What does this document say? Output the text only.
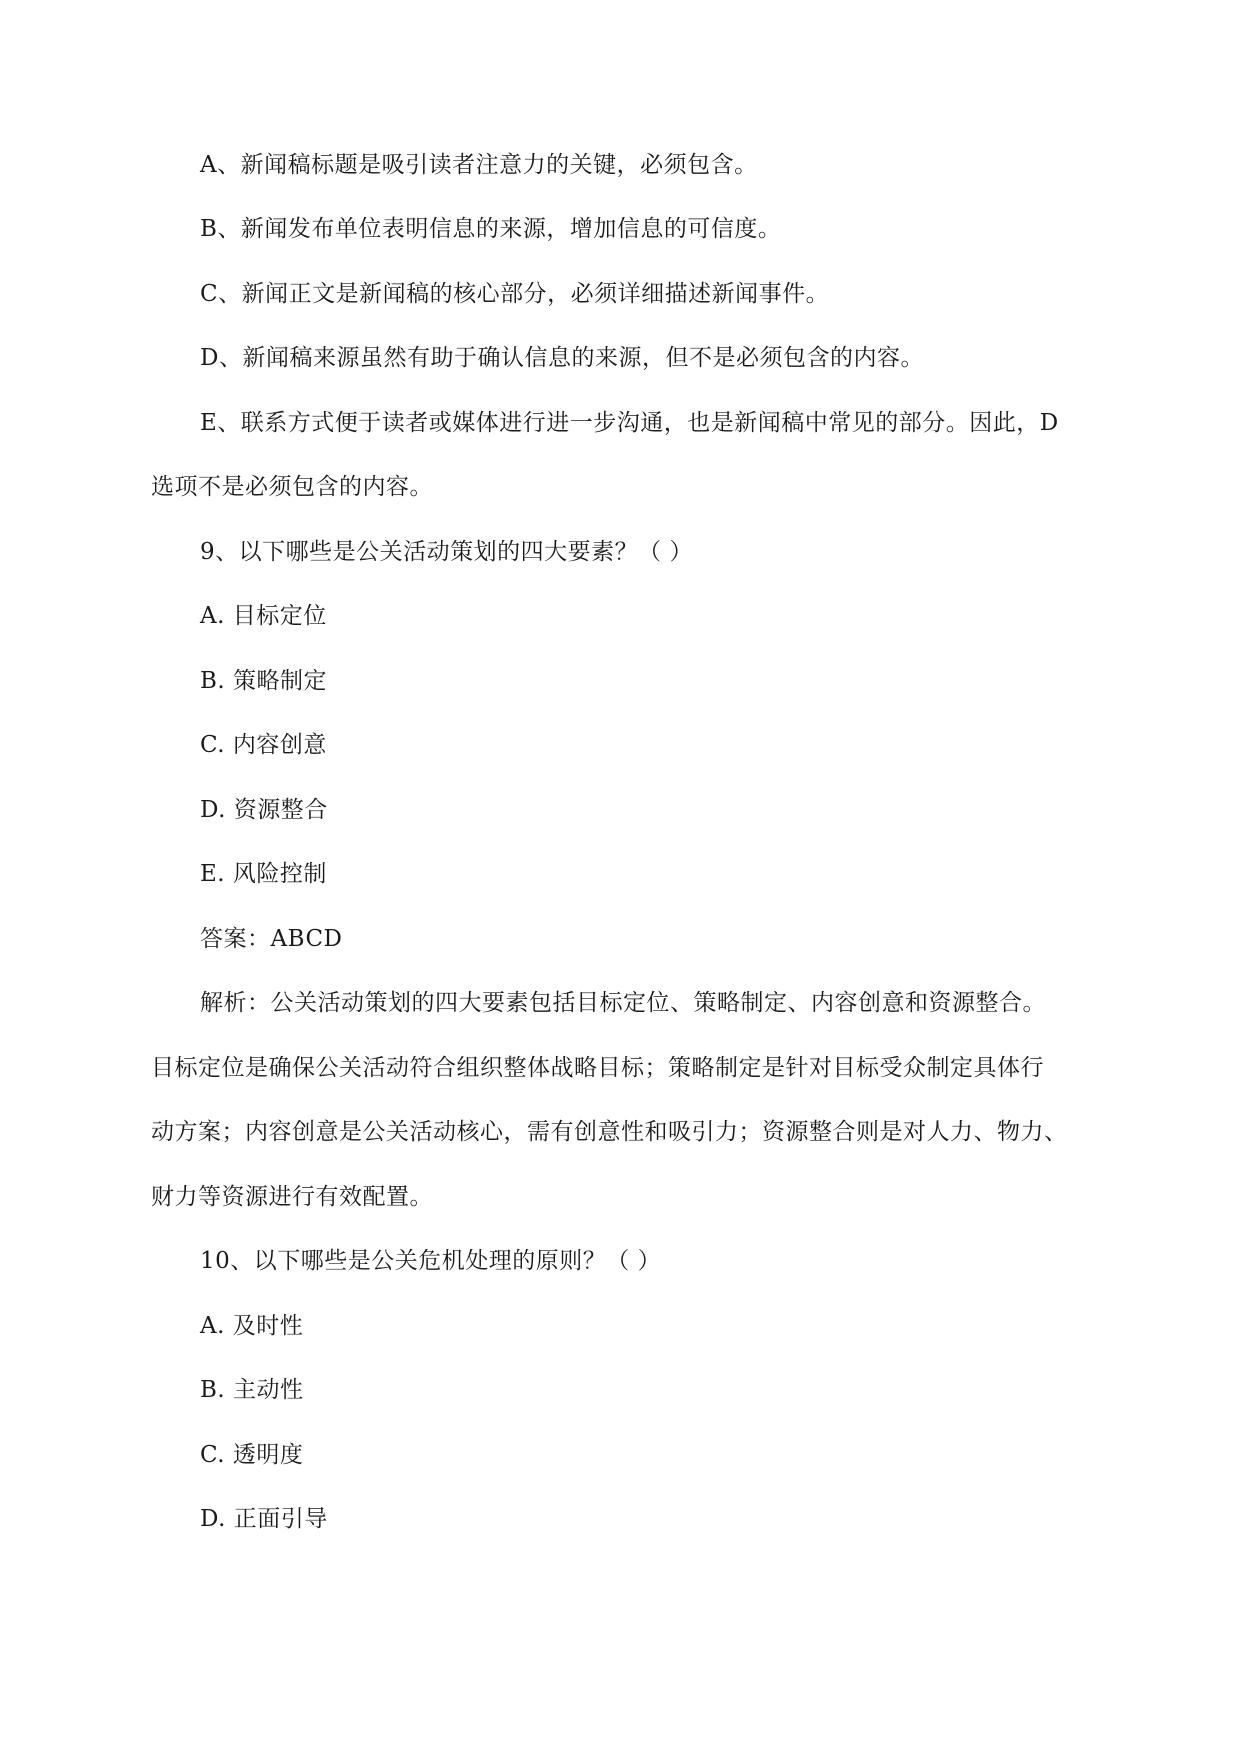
A、新闻稿标题是吸引读者注意力的关键，必须包含。
B、新闻发布单位表明信息的来源，增加信息的可信度。
C、新闻正文是新闻稿的核心部分，必须详细描述新闻事件。
D、新闻稿来源虽然有助于确认信息的来源，但不是必须包含的内容。
E、联系方式便于读者或媒体进行进一步沟通，也是新闻稿中常见的部分。因此，D
选项不是必须包含的内容。
9、以下哪些是公关活动策划的四大要素？（ ）
A. 目标定位
B. 策略制定
C. 内容创意
D. 资源整合
E. 风险控制
答案：ABCD
解析：公关活动策划的四大要素包括目标定位、策略制定、内容创意和资源整合。
目标定位是确保公关活动符合组织整体战略目标；策略制定是针对目标受众制定具体行
动方案；内容创意是公关活动核心，需有创意性和吸引力；资源整合则是对人力、物力、
财力等资源进行有效配置。
10、以下哪些是公关危机处理的原则？（ ）
A. 及时性
B. 主动性
C. 透明度
D. 正面引导
